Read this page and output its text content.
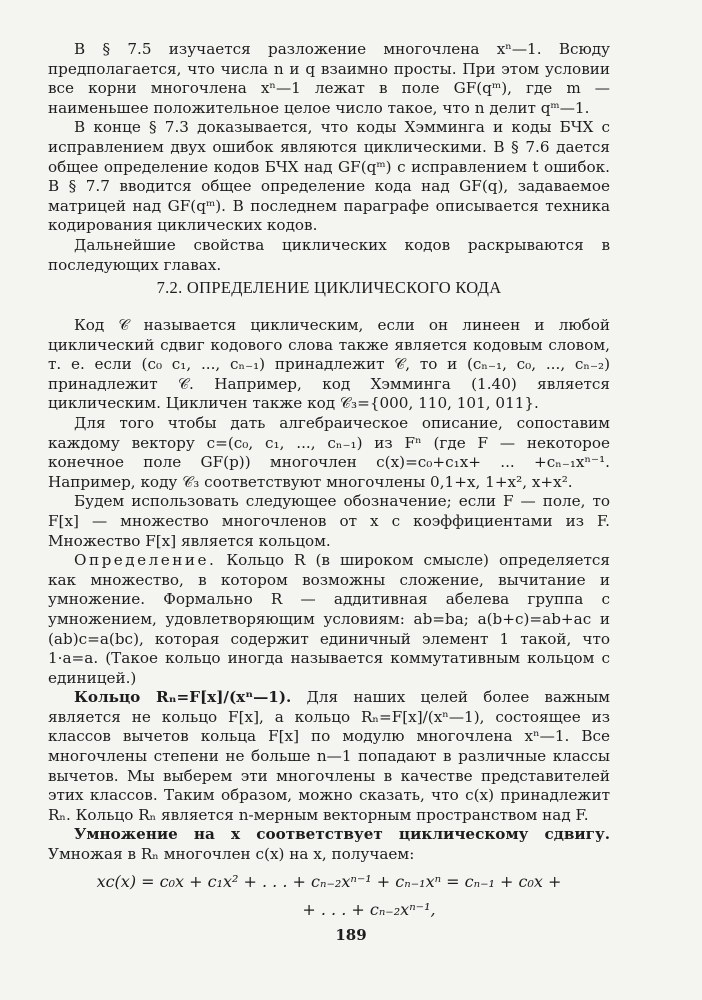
В § 7.5 изучается разложение многочлена xⁿ—1. Всюду предполагается, что числа n и q взаимно просты. При этом условии все корни многочлена xⁿ—1 лежат в поле GF(qᵐ), где m — наименьшее положительное целое число такое, что n делит qᵐ—1.

В конце § 7.3 доказывается, что коды Хэмминга и коды БЧХ с исправлением двух ошибок являются циклическими. В § 7.6 дается общее определение кодов БЧХ над GF(qᵐ) с исправлением t ошибок. В § 7.7 вводится общее определение кода над GF(q), задаваемое матрицей над GF(qᵐ). В последнем параграфе описывается техника кодирования циклических кодов.

Дальнейшие свойства циклических кодов раскрываются в последующих главах.

7.2. ОПРЕДЕЛЕНИЕ ЦИКЛИЧЕСКОГО КОДА

Код 𝒞 называется циклическим, если он линеен и любой циклический сдвиг кодового слова также является кодовым словом, т. е. если (c₀ c₁, ..., cₙ₋₁) принадлежит 𝒞, то и (cₙ₋₁, c₀, ..., cₙ₋₂) принадлежит 𝒞. Например, код Хэмминга (1.40) является циклическим. Цикличен также код 𝒞₃={000, 110, 101, 011}.

Для того чтобы дать алгебраическое описание, сопоставим каждому вектору c=(c₀, c₁, ..., cₙ₋₁) из Fⁿ (где F — некоторое конечное поле GF(p)) многочлен c(x)=c₀+c₁x+ ... +cₙ₋₁xⁿ⁻¹. Например, коду 𝒞₃ соответствуют многочлены 0,1+x, 1+x², x+x².

Будем использовать следующее обозначение; если F — поле, то F[x] — множество многочленов от x с коэффициентами из F. Множество F[x] является кольцом.

Определение. Кольцо R (в широком смысле) определяется как множество, в котором возможны сложение, вычитание и умножение. Формально R — аддитивная абелева группа с умножением, удовлетворяющим условиям: ab=ba; a(b+c)=ab+ac и (ab)c=a(bc), которая содержит единичный элемент 1 такой, что 1·a=a. (Такое кольцо иногда называется коммутативным кольцом с единицей.)

Кольцо Rₙ=F[x]/(xⁿ—1). Для наших целей более важным является не кольцо F[x], а кольцо Rₙ=F[x]/(xⁿ—1), состоящее из классов вычетов кольца F[x] по модулю многочлена xⁿ—1. Все многочлены степени не больше n—1 попадают в различные классы вычетов. Мы выберем эти многочлены в качестве представителей этих классов. Таким образом, можно сказать, что c(x) принадлежит Rₙ. Кольцо Rₙ является n-мерным векторным пространством над F.

Умножение на x соответствует циклическому сдвигу. Умножая в Rₙ многочлен c(x) на x, получаем:

xc(x) = c₀x + c₁x² + . . . + cₙ₋₂xⁿ⁻¹ + cₙ₋₁xⁿ = cₙ₋₁ + c₀x +
+ . . . + cₙ₋₂xⁿ⁻¹,
189
